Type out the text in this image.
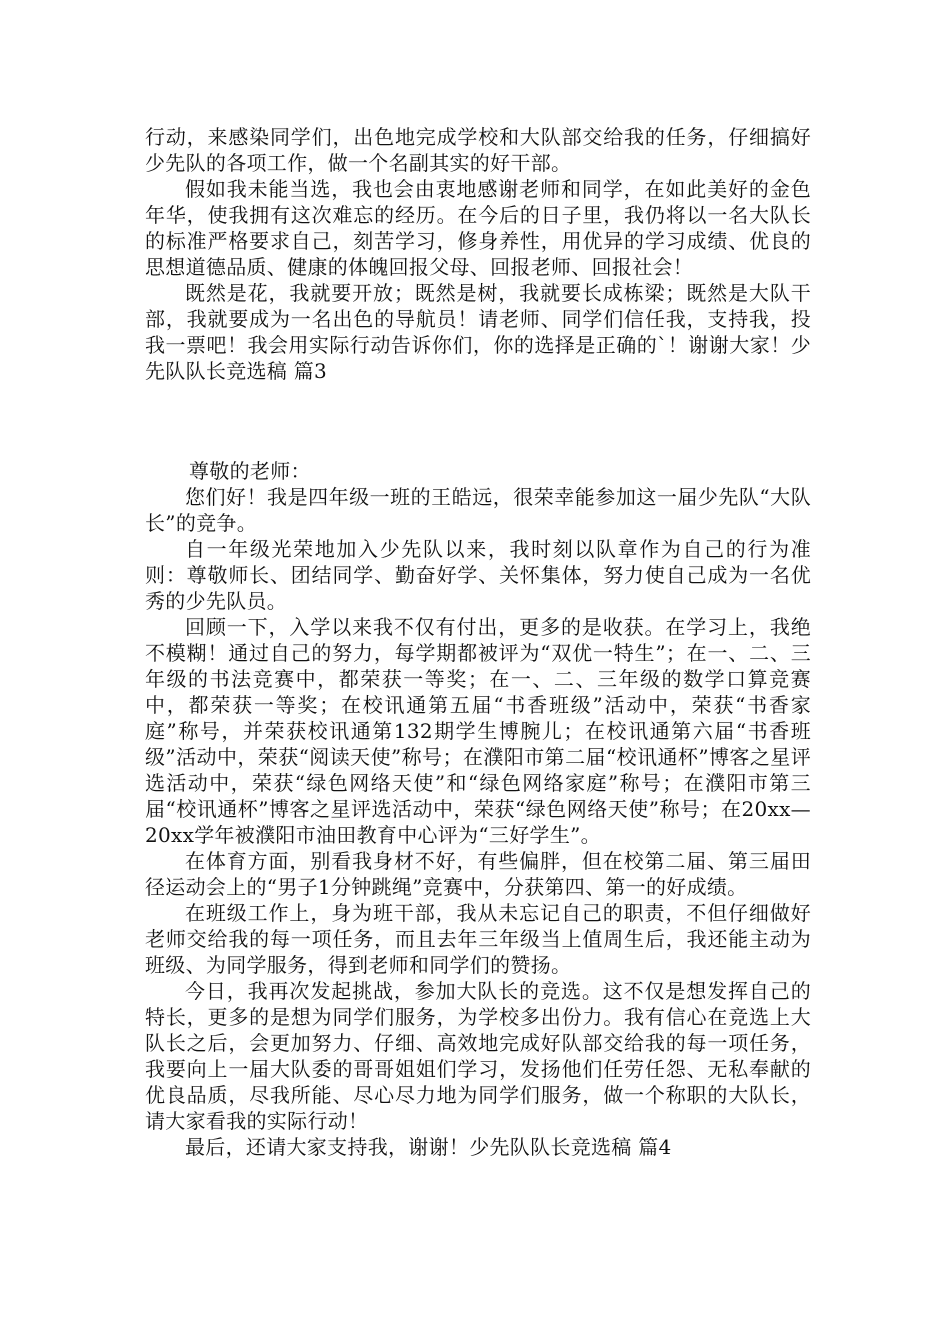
行动，来感染同学们，出色地完成学校和大队部交给我的任务，仔细搞好少先队的各项工作，做一个名副其实的好干部。

假如我未能当选，我也会由衷地感谢老师和同学，在如此美好的金色年华，使我拥有这次难忘的经历。在今后的日子里，我仍将以一名大队长的标准严格要求自己，刻苦学习，修身养性，用优异的学习成绩、优良的思想道德品质、健康的体魄回报父母、回报老师、回报社会！

既然是花，我就要开放；既然是树，我就要长成栋梁；既然是大队干部，我就要成为一名出色的导航员！请老师、同学们信任我，支持我，投我一票吧！我会用实际行动告诉你们，你的选择是正确的`！谢谢大家！少先队队长竞选稿 篇3

尊敬的老师：

您们好！我是四年级一班的王皓远，很荣幸能参加这一届少先队“大队长”的竞争。

自一年级光荣地加入少先队以来，我时刻以队章作为自己的行为准则：尊敬师长、团结同学、勤奋好学、关怀集体，努力使自己成为一名优秀的少先队员。

回顾一下，入学以来我不仅有付出，更多的是收获。在学习上，我绝不模糊！通过自己的努力，每学期都被评为“双优一特生”；在一、二、三年级的书法竞赛中，都荣获一等奖；在一、二、三年级的数学口算竞赛中，都荣获一等奖；在校讯通第五届“书香班级”活动中，荣获“书香家庭”称号，并荣获校讯通第132期学生博腕儿；在校讯通第六届“书香班级”活动中，荣获“阅读天使”称号；在濮阳市第二届“校讯通杯”博客之星评选活动中，荣获“绿色网络天使”和“绿色网络家庭”称号；在濮阳市第三届“校讯通杯”博客之星评选活动中，荣获“绿色网络天使”称号；在20xx—20xx学年被濮阳市油田教育中心评为“三好学生”。

在体育方面，别看我身材不好，有些偏胖，但在校第二届、第三届田径运动会上的“男子1分钟跳绳”竞赛中，分获第四、第一的好成绩。

在班级工作上，身为班干部，我从未忘记自己的职责，不但仔细做好老师交给我的每一项任务，而且去年三年级当上值周生后，我还能主动为班级、为同学服务，得到老师和同学们的赞扬。

今日，我再次发起挑战，参加大队长的竞选。这不仅是想发挥自己的特长，更多的是想为同学们服务，为学校多出份力。我有信心在竞选上大队长之后，会更加努力、仔细、高效地完成好队部交给我的每一项任务，我要向上一届大队委的哥哥姐姐们学习，发扬他们任劳任怨、无私奉献的优良品质，尽我所能、尽心尽力地为同学们服务，做一个称职的大队长，请大家看我的实际行动！

最后，还请大家支持我，谢谢！少先队队长竞选稿 篇4
